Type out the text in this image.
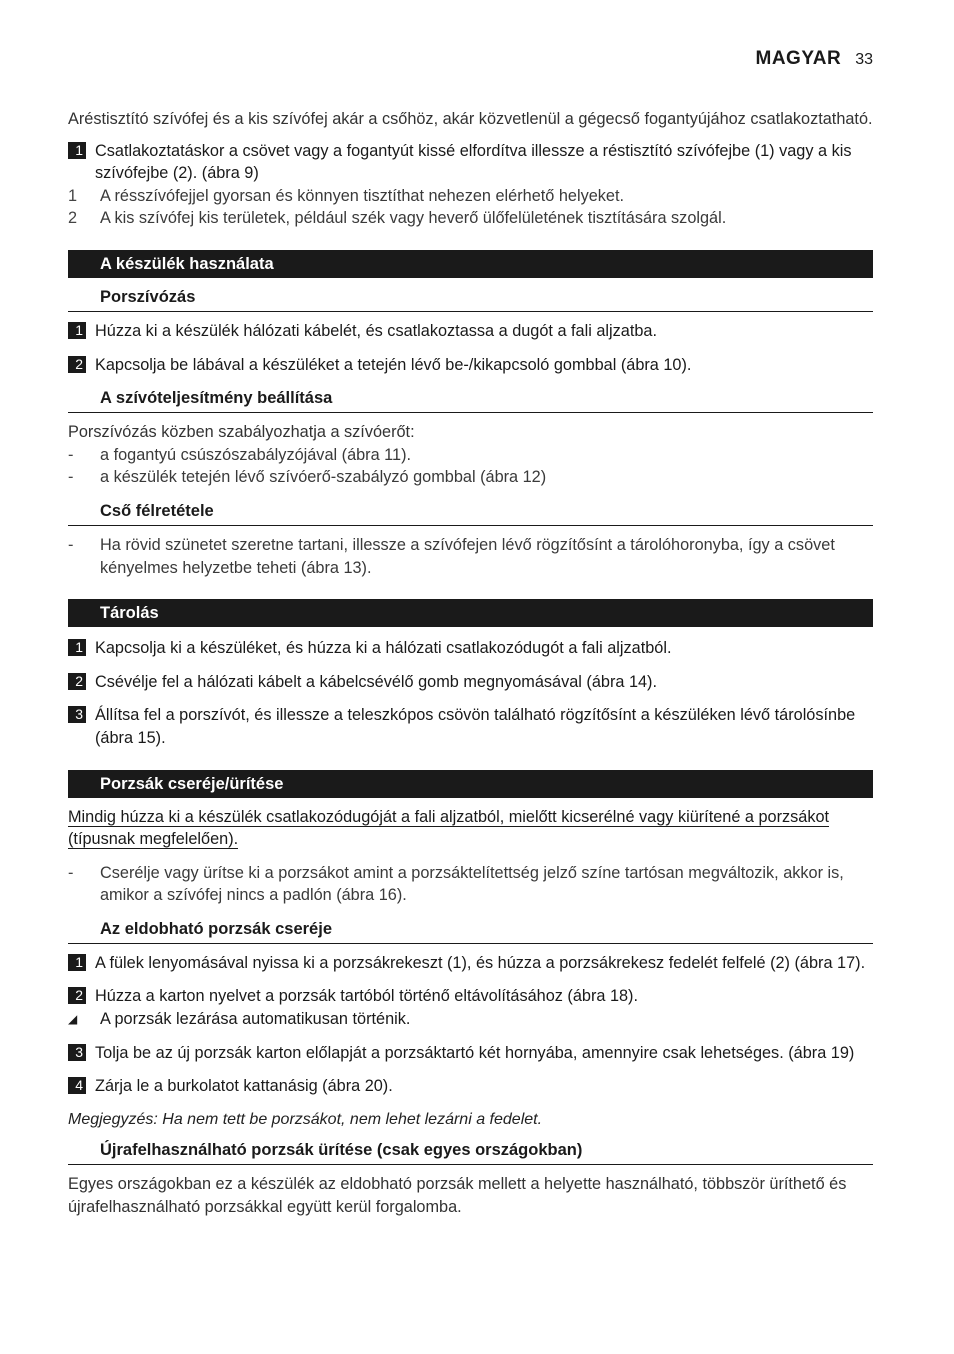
MAGYAR 33

Aréstisztító szívófej és a kis szívófej akár a csőhöz, akár közvetlenül a gégecső fogantyújához csatlakoztatható.

1 Csatlakoztatáskor a csövet vagy a fogantyút kissé elfordítva illessze a réstisztító szívófejbe (1) vagy a kis szívófejbe (2). (ábra 9)
1	A résszívófejjel gyorsan és könnyen tisztíthat nehezen elérhető helyeket.
2	A kis szívófej kis területek, például szék vagy heverő ülőfelületének tisztítására szolgál.
A készülék használata
Porszívózás
1 Húzza ki a készülék hálózati kábelét, és csatlakoztassa a dugót a fali aljzatba.
2 Kapcsolja be lábával a készüléket a tetején lévő be-/kikapcsoló gombbal (ábra 10).
A szívóteljesítmény beállítása

Porszívózás közben szabályozhatja a szívóerőt:

-	a fogantyú csúszószabályzójával (ábra 11).
-	a készülék tetején lévő szívóerő-szabályzó gombbal (ábra 12)
Cső félretétele
-	Ha rövid szünetet szeretne tartani, illessze a szívófejen lévő rögzítősínt a tárolóhoronyba, így a csövet kényelmes helyzetbe teheti (ábra 13).
Tárolás
1 Kapcsolja ki a készüléket, és húzza ki a hálózati csatlakozódugót a fali aljzatból.
2 Csévélje fel a hálózati kábelt a kábelcsévélő gomb megnyomásával (ábra 14).
3 Állítsa fel a porszívót, és illessze a teleszkópos csövön található rögzítősínt a készüléken lévő tárolósínbe (ábra 15).
Porzsák cseréje/ürítése

Mindig húzza ki a készülék csatlakozódugóját a fali aljzatból, mielőtt kicserélné vagy kiürítené a porzsákot (típusnak megfelelően).

-	Cserélje vagy ürítse ki a porzsákot amint a porzsáktelítettség jelző színe tartósan megváltozik, akkor is, amikor a szívófej nincs a padlón (ábra 16).
Az eldobható porzsák cseréje
1 A fülek lenyomásával nyissa ki a porzsákrekeszt (1), és húzza a porzsákrekesz fedelét felfelé (2) (ábra 17).
2 Húzza a karton nyelvet a porzsák tartóból történő eltávolításához (ábra 18).
◢	A porzsák lezárása automatikusan történik.
3 Tolja be az új porzsák karton előlapját a porzsáktartó két hornyába, amennyire csak lehetséges. (ábra 19)
4 Zárja le a burkolatot kattanásig (ábra 20).

Megjegyzés: Ha nem tett be porzsákot, nem lehet lezárni a fedelet.

Újrafelhasználható porzsák ürítése (csak egyes országokban)

Egyes országokban ez a készülék az eldobható porzsák mellett a helyette használható, többször üríthető és újrafelhasználható porzsákkal együtt kerül forgalomba.
